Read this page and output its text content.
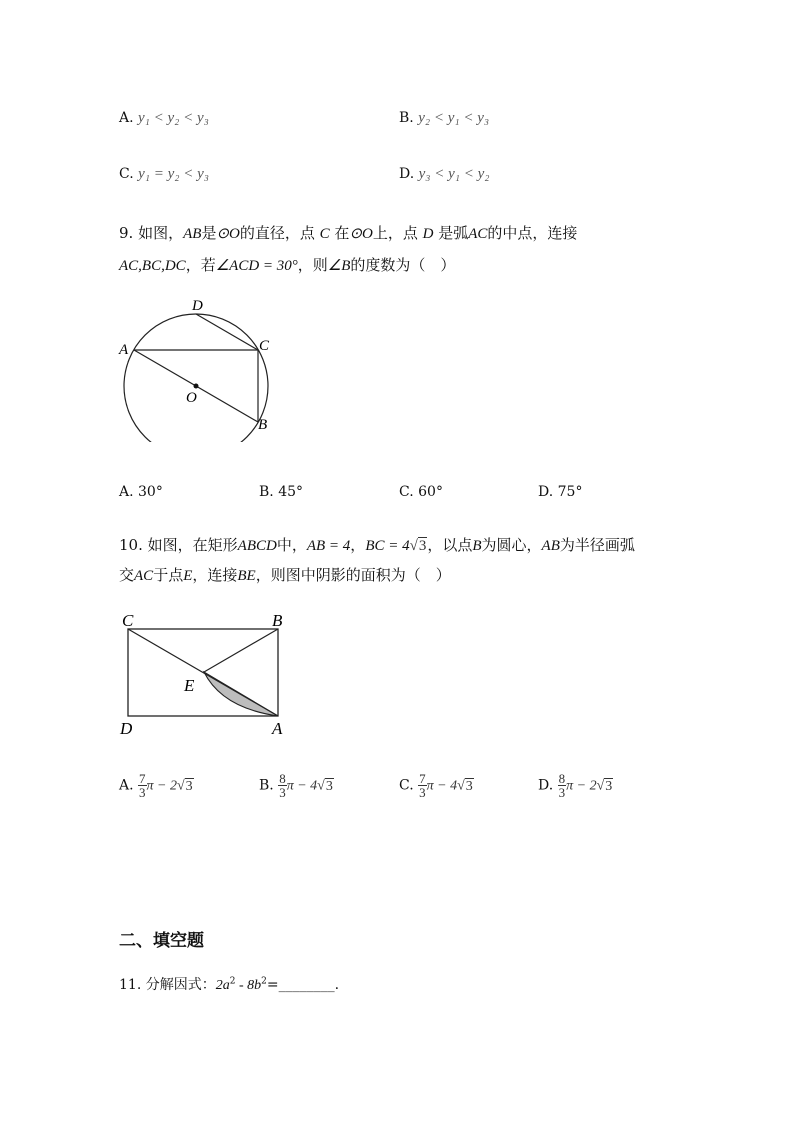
A. y₁ < y₂ < y₃	B. y₂ < y₁ < y₃
C. y₁ = y₂ < y₃	D. y₃ < y₁ < y₂
9. 如图，AB是⊙O的直径，点 C 在⊙O上，点 D 是弧AC的中点，连接
AC,BC,DC，若∠ACD = 30°，则∠B的度数为（　）
D
A	C
O
B
A. 30°	B. 45°	C. 60°	D. 75°
10. 如图，在矩形ABCD中，AB = 4，BC = 4√3，以点B为圆心，AB为半径画弧
交AC于点E，连接BE，则图中阴影的面积为（　）
C	B
E
D	A
A. $\frac{7}{3}$ π − 2√3	B. $\frac{8}{3}$ π − 4√3	C. $\frac{7}{3}$ π − 4√3	D. $\frac{8}{3}$ π − 2√3
二、填空题
11. 分解因式：$2a^2$ - $8b^2=\_\_\_\_\_\_\_\_$.
